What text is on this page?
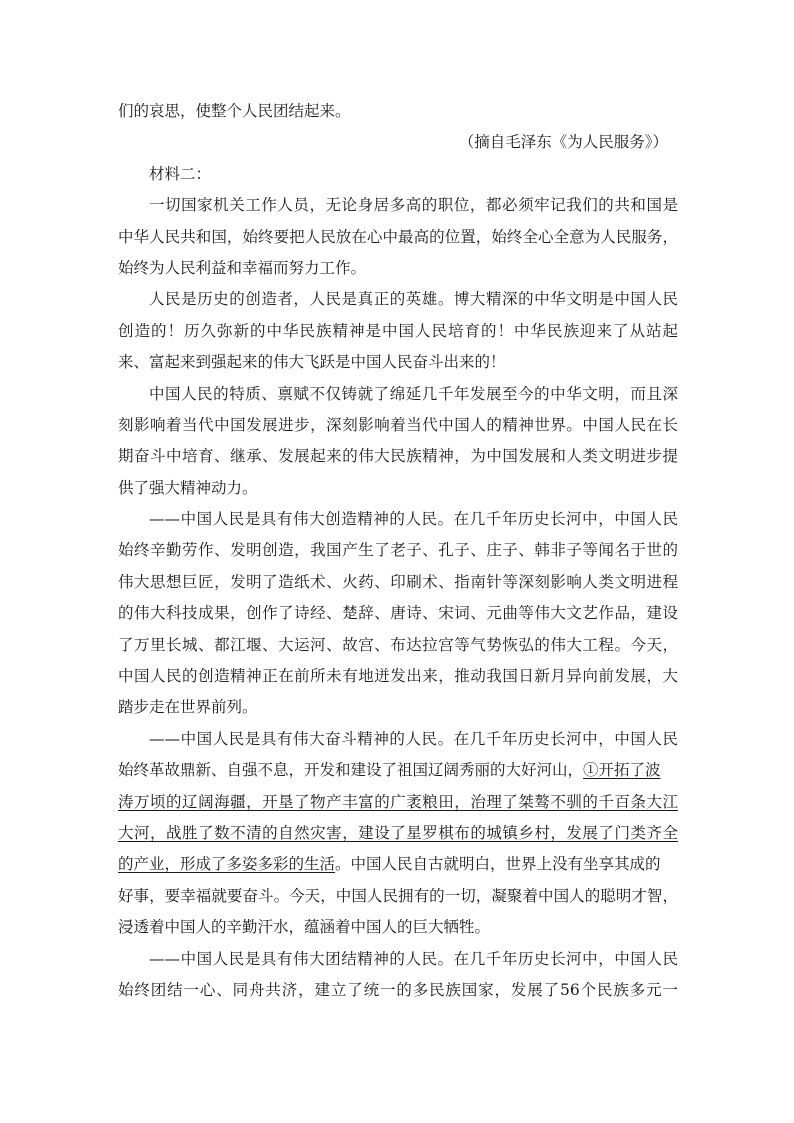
们的哀思，使整个人民团结起来。
（摘自毛泽东《为人民服务》）
材料二：
一切国家机关工作人员，无论身居多高的职位，都必须牢记我们的共和国是
中华人民共和国，始终要把人民放在心中最高的位置，始终全心全意为人民服务，
始终为人民利益和幸福而努力工作。
人民是历史的创造者，人民是真正的英雄。博大精深的中华文明是中国人民
创造的！历久弥新的中华民族精神是中国人民培育的！中华民族迎来了从站起
来、富起来到强起来的伟大飞跃是中国人民奋斗出来的！
中国人民的特质、禀赋不仅铸就了绵延几千年发展至今的中华文明，而且深
刻影响着当代中国发展进步，深刻影响着当代中国人的精神世界。中国人民在长
期奋斗中培育、继承、发展起来的伟大民族精神，为中国发展和人类文明进步提
供了强大精神动力。
——中国人民是具有伟大创造精神的人民。在几千年历史长河中，中国人民
始终辛勤劳作、发明创造，我国产生了老子、孔子、庄子、韩非子等闻名于世的
伟大思想巨匠，发明了造纸术、火药、印刷术、指南针等深刻影响人类文明进程
的伟大科技成果，创作了诗经、楚辞、唐诗、宋词、元曲等伟大文艺作品，建设
了万里长城、都江堰、大运河、故宫、布达拉宫等气势恢弘的伟大工程。今天，
中国人民的创造精神正在前所未有地迸发出来，推动我国日新月异向前发展，大
踏步走在世界前列。
——中国人民是具有伟大奋斗精神的人民。在几千年历史长河中，中国人民
始终革故鼎新、自强不息，开发和建设了祖国辽阔秀丽的大好河山，①开拓了波
涛万顷的辽阔海疆，开垦了物产丰富的广袤粮田，治理了桀骜不驯的千百条大江
大河，战胜了数不清的自然灾害，建设了星罗棋布的城镇乡村，发展了门类齐全
的产业，形成了多姿多彩的生活。中国人民自古就明白，世界上没有坐享其成的
好事，要幸福就要奋斗。今天，中国人民拥有的一切，凝聚着中国人的聪明才智，
浸透着中国人的辛勤汗水，蕴涵着中国人的巨大牺牲。
——中国人民是具有伟大团结精神的人民。在几千年历史长河中，中国人民
始终团结一心、同舟共济，建立了统一的多民族国家，发展了56个民族多元一
